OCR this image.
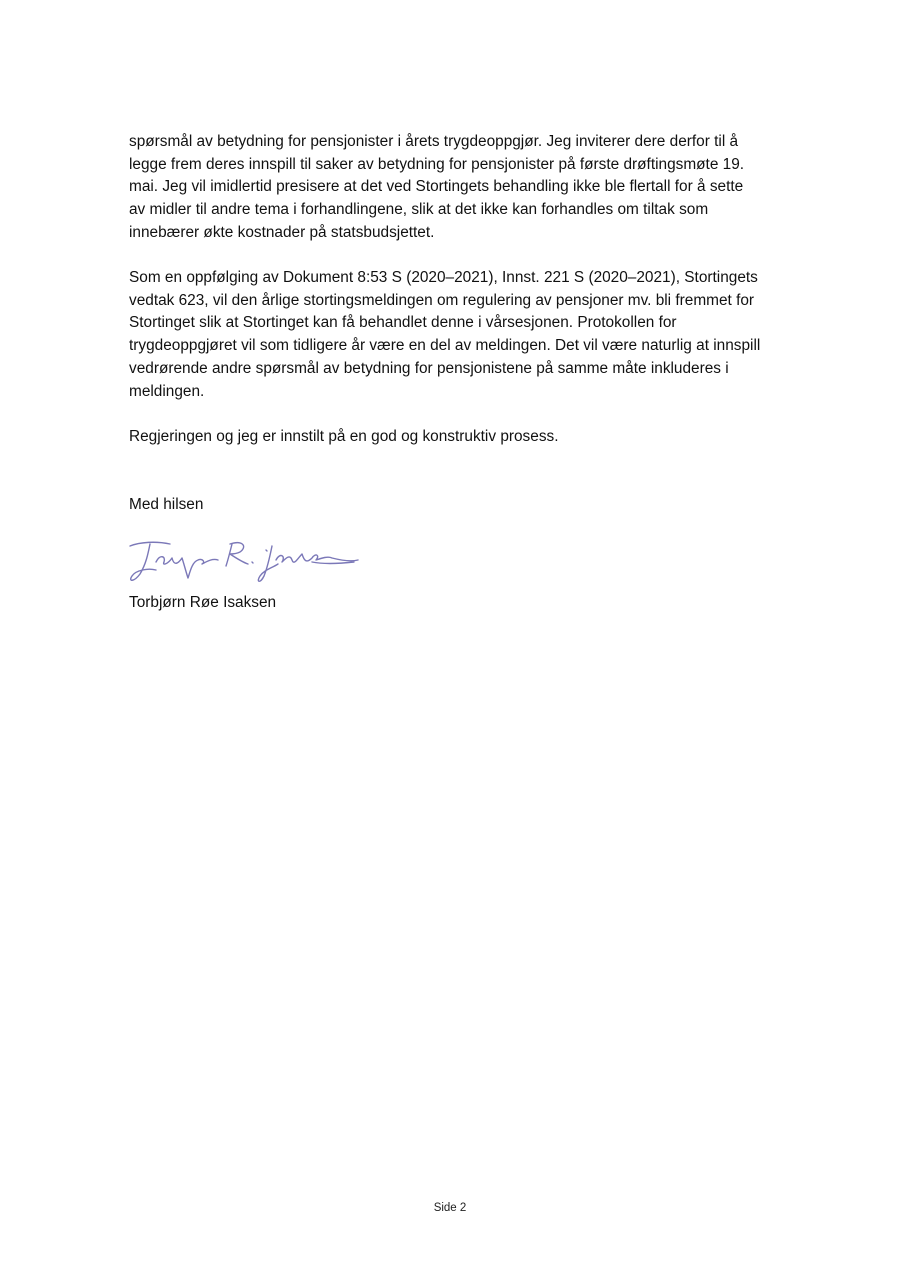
spørsmål av betydning for pensjonister i årets trygdeoppgjør. Jeg inviterer dere derfor til å
legge frem deres innspill til saker av betydning for pensjonister på første drøftingsmøte 19.
mai. Jeg vil imidlertid presisere at det ved Stortingets behandling ikke ble flertall for å sette
av midler til andre tema i forhandlingene, slik at det ikke kan forhandles om tiltak som
innebærer økte kostnader på statsbudsjettet.

Som en oppfølging av Dokument 8:53 S (2020–2021), Innst. 221 S (2020–2021), Stortingets
vedtak 623, vil den årlige stortingsmeldingen om regulering av pensjoner mv. bli fremmet for
Stortinget slik at Stortinget kan få behandlet denne i vårsesjonen. Protokollen for
trygdeoppgjøret vil som tidligere år være en del av meldingen. Det vil være naturlig at innspill
vedrørende andre spørsmål av betydning for pensjonistene på samme måte inkluderes i
meldingen.

Regjeringen og jeg er innstilt på en god og konstruktiv prosess.

Med hilsen

Torbjørn Røe Isaksen

Side 2
